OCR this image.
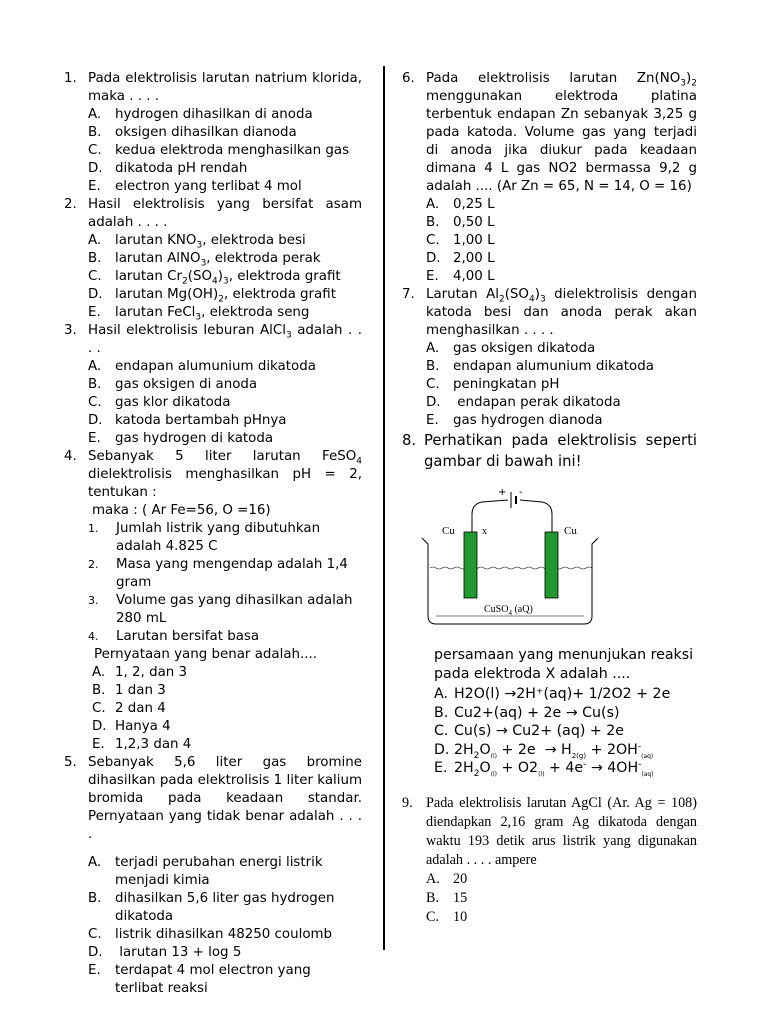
1. Pada elektrolisis larutan natrium klorida, maka . . . .
A.	hydrogen dihasilkan di anoda
B.	oksigen dihasilkan dianoda
C. kedua elektroda menghasilkan gas
D. dikatoda pH rendah
E.	electron yang terlibat 4 mol
2. Hasil elektrolisis yang bersifat asam adalah . . . .
A.	larutan $KNO_3$, elektroda besi
B.	larutan AlNO$_3$, elektroda perak
C. larutan $Cr_2(SO_4)_3$, elektroda grafit
D. larutan $Mg(OH)_2$, elektroda grafit
E.	larutan FeCl$_3$, elektroda seng
3. Hasil elektrolisis leburan AlCl$_3$ adalah . . . .
A.	endapan alumunium dikatoda
B.	gas oksigen di anoda
C. gas klor dikatoda
D. katoda bertambah pHnya
E.	gas hydrogen di katoda
4. Sebanyak 5 liter larutan FeSO$_4$ dielektrolisis menghasilkan pH = 2, tentukan :
maka : ( Ar Fe=56, O =16)
1.	Jumlah listrik yang dibutuhkan adalah 4.825 C
2.	Masa yang mengendap adalah 1,4 gram
3.	Volume gas yang dihasilkan adalah 280 mL
4.	Larutan bersifat basa
Pernyataan yang benar adalah....
A. 1, 2, dan 3
B. 1 dan 3
C. 2 dan 4
D. Hanya 4
E. 1,2,3 dan 4
5. Sebanyak 5,6 liter gas bromine dihasilkan pada elektrolisis 1 liter kalium bromida pada keadaan standar. Pernyataan yang tidak benar adalah . . . .
A.	terjadi perubahan energi listrik menjadi kimia
B.	dihasilkan 5,6 liter gas hydrogen dikatoda
C. listrik dihasilkan 48250 coulomb
D. larutan 13 + log 5
E.	terdapat 4 mol electron yang terlibat reaksi
6. Pada elektrolisis larutan $Zn(NO_3)_2$ menggunakan elektroda platina terbentuk endapan Zn sebanyak 3,25 g pada katoda. Volume gas yang terjadi di anoda jika diukur pada keadaan dimana 4 L gas NO2 bermassa 9,2 g adalah .... (Ar Zn = 65, N = 14, O = 16)
A.	0,25 L
B.	0,50 L
C. 1,00 L
D. 2,00 L
E.	4,00 L
7. Larutan $Al_2(SO_4)_3$ dielektrolisis dengan katoda besi dan anoda perak akan menghasilkan . . . .
A.	gas oksigen dikatoda
B.	endapan alumunium dikatoda
C. peningkatan pH
D. endapan perak dikatoda
E.	gas hydrogen dianoda
8. Perhatikan pada elektrolisis seperti gambar di bawah ini!
+ -
Cu	x	Cu
CuSO$_4$ (aQ)
persamaan yang menunjukan reaksi pada elektroda X adalah ....
A. H2O(l) →2H⁺(aq)+ 1/2O2 + 2e
B. Cu2+(aq) + 2e → Cu(s)
C. Cu(s) → Cu2+ (aq) + 2e
D. $2H_2O_{(l)} + 2e \to H_{2(g)} + 2OH^-_{(aq)}$
E. $2H_2O_{(l)} + O2_{(l)} + 4e^- \to 4OH^-_{(aq)}$
9. Pada elektrolisis larutan AgCl (Ar. Ag = 108) diendapkan 2,16 gram Ag dikatoda dengan waktu 193 detik arus listrik yang digunakan adalah . . . . ampere
A. 20
B. 15
C. 10
